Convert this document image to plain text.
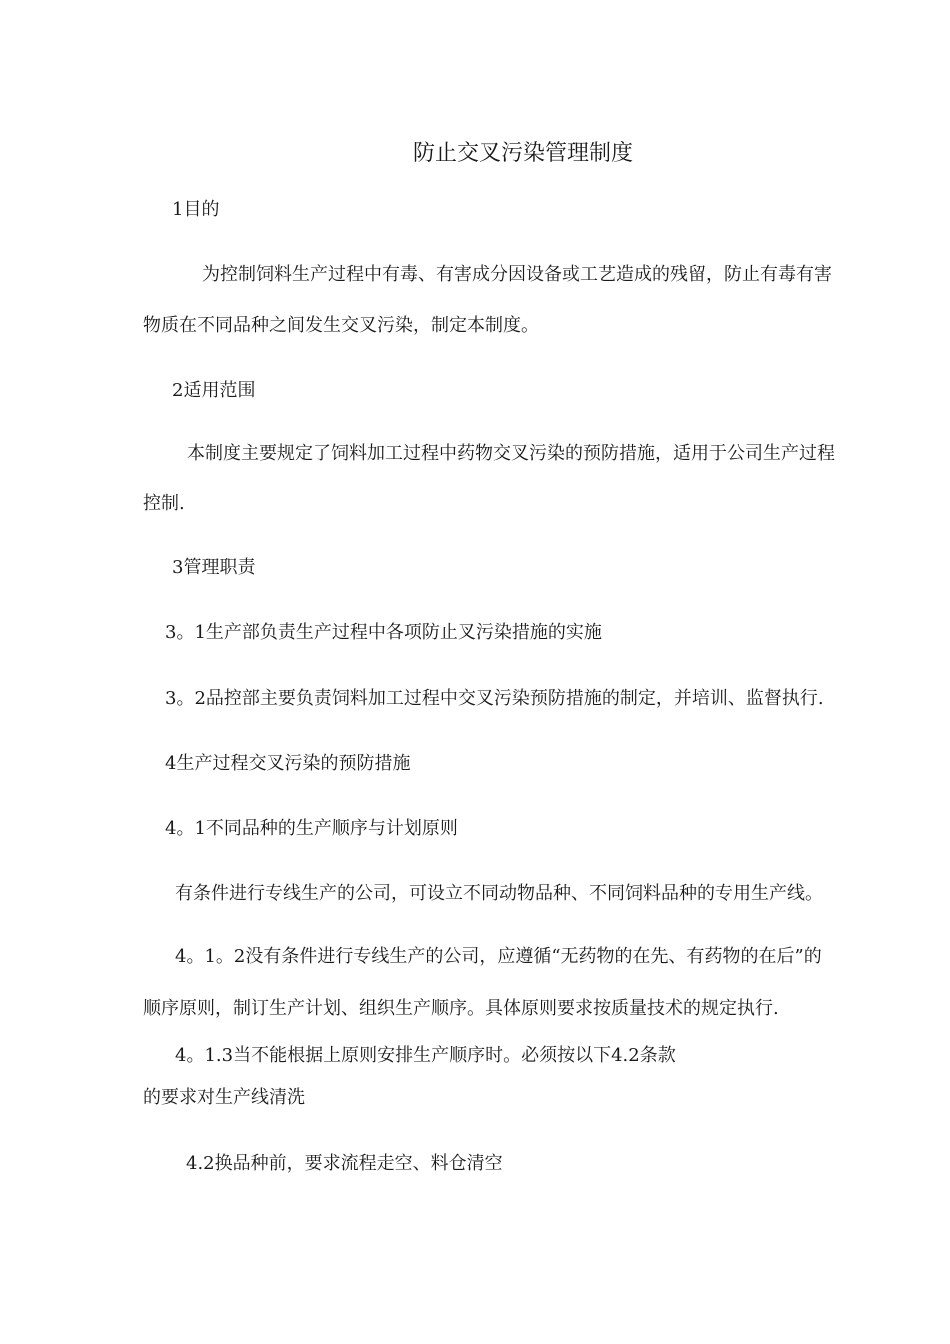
防止交叉污染管理制度
1目的
为控制饲料生产过程中有毒、有害成分因设备或工艺造成的残留，防止有毒有害
物质在不同品种之间发生交叉污染，制定本制度。
2适用范围
本制度主要规定了饲料加工过程中药物交叉污染的预防措施，适用于公司生产过程
控制.
3管理职责
3。1生产部负责生产过程中各项防止叉污染措施的实施
3。2品控部主要负责饲料加工过程中交叉污染预防措施的制定，并培训、监督执行.
4生产过程交叉污染的预防措施
4。1不同品种的生产顺序与计划原则
有条件进行专线生产的公司，可设立不同动物品种、不同饲料品种的专用生产线。
4。1。2没有条件进行专线生产的公司，应遵循“无药物的在先、有药物的在后”的
顺序原则，制订生产计划、组织生产顺序。具体原则要求按质量技术的规定执行.
4。1.3当不能根据上原则安排生产顺序时。必须按以下4.2条款
的要求对生产线清洗
4.2换品种前，要求流程走空、料仓清空
